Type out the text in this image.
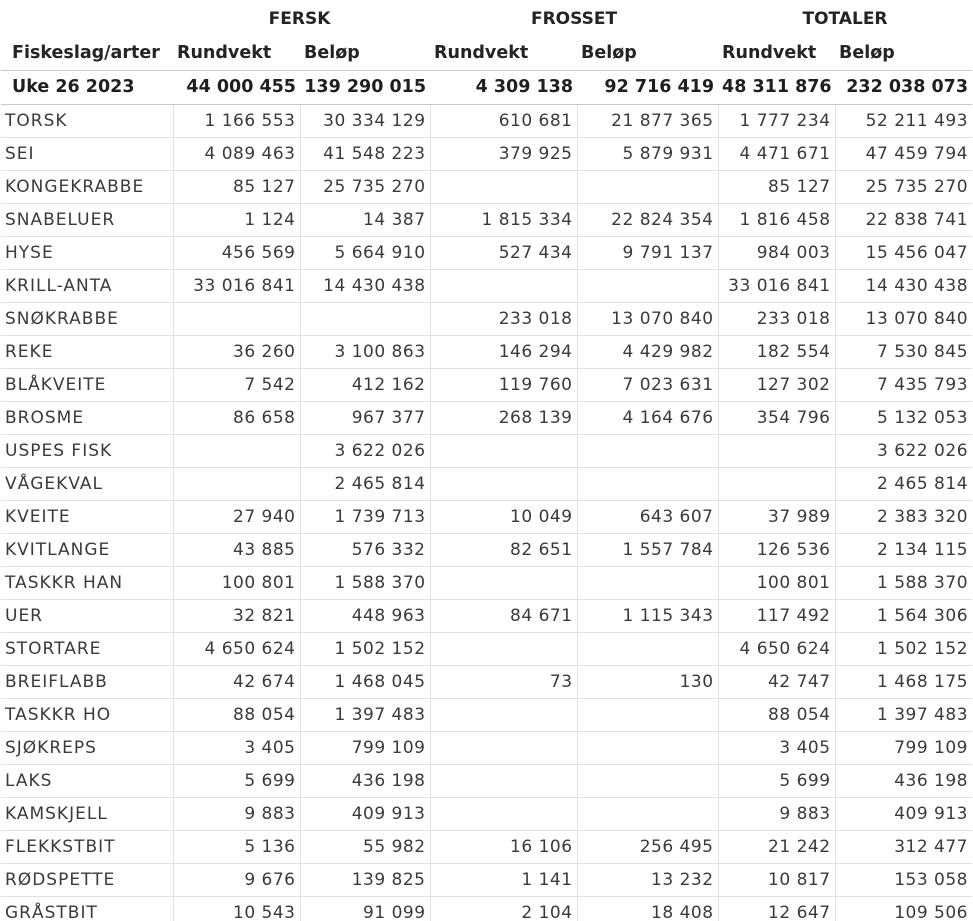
	FERSK		FROSSET		TOTALER	
Fiskeslag/arter	Rundvekt	Beløp	Rundvekt	Beløp	Rundvekt	Beløp
Uke 26 2023	44 000 455	139 290 015	4 309 138	92 716 419	48 311 876	232 038 073
TORSK	1 166 553	30 334 129	610 681	21 877 365	1 777 234	52 211 493
SEI	4 089 463	41 548 223	379 925	5 879 931	4 471 671	47 459 794
KONGEKRABBE	85 127	25 735 270			85 127	25 735 270
SNABELUER	1 124	14 387	1 815 334	22 824 354	1 816 458	22 838 741
HYSE	456 569	5 664 910	527 434	9 791 137	984 003	15 456 047
KRILL-ANTA	33 016 841	14 430 438			33 016 841	14 430 438
SNØKRABBE			233 018	13 070 840	233 018	13 070 840
REKE	36 260	3 100 863	146 294	4 429 982	182 554	7 530 845
BLÅKVEITE	7 542	412 162	119 760	7 023 631	127 302	7 435 793
BROSME	86 658	967 377	268 139	4 164 676	354 796	5 132 053
USPES FISK		3 622 026				3 622 026
VÅGEKVAL		2 465 814				2 465 814
KVEITE	27 940	1 739 713	10 049	643 607	37 989	2 383 320
KVITLANGE	43 885	576 332	82 651	1 557 784	126 536	2 134 115
TASKKR HAN	100 801	1 588 370			100 801	1 588 370
UER	32 821	448 963	84 671	1 115 343	117 492	1 564 306
STORTARE	4 650 624	1 502 152			4 650 624	1 502 152
BREIFLABB	42 674	1 468 045	73	130	42 747	1 468 175
TASKKR HO	88 054	1 397 483			88 054	1 397 483
SJØKREPS	3 405	799 109			3 405	799 109
LAKS	5 699	436 198			5 699	436 198
KAMSKJELL	9 883	409 913			9 883	409 913
FLEKKSTBIT	5 136	55 982	16 106	256 495	21 242	312 477
RØDSPETTE	9 676	139 825	1 141	13 232	10 817	153 058
GRÅSTBIT	10 543	91 099	2 104	18 408	12 647	109 506
